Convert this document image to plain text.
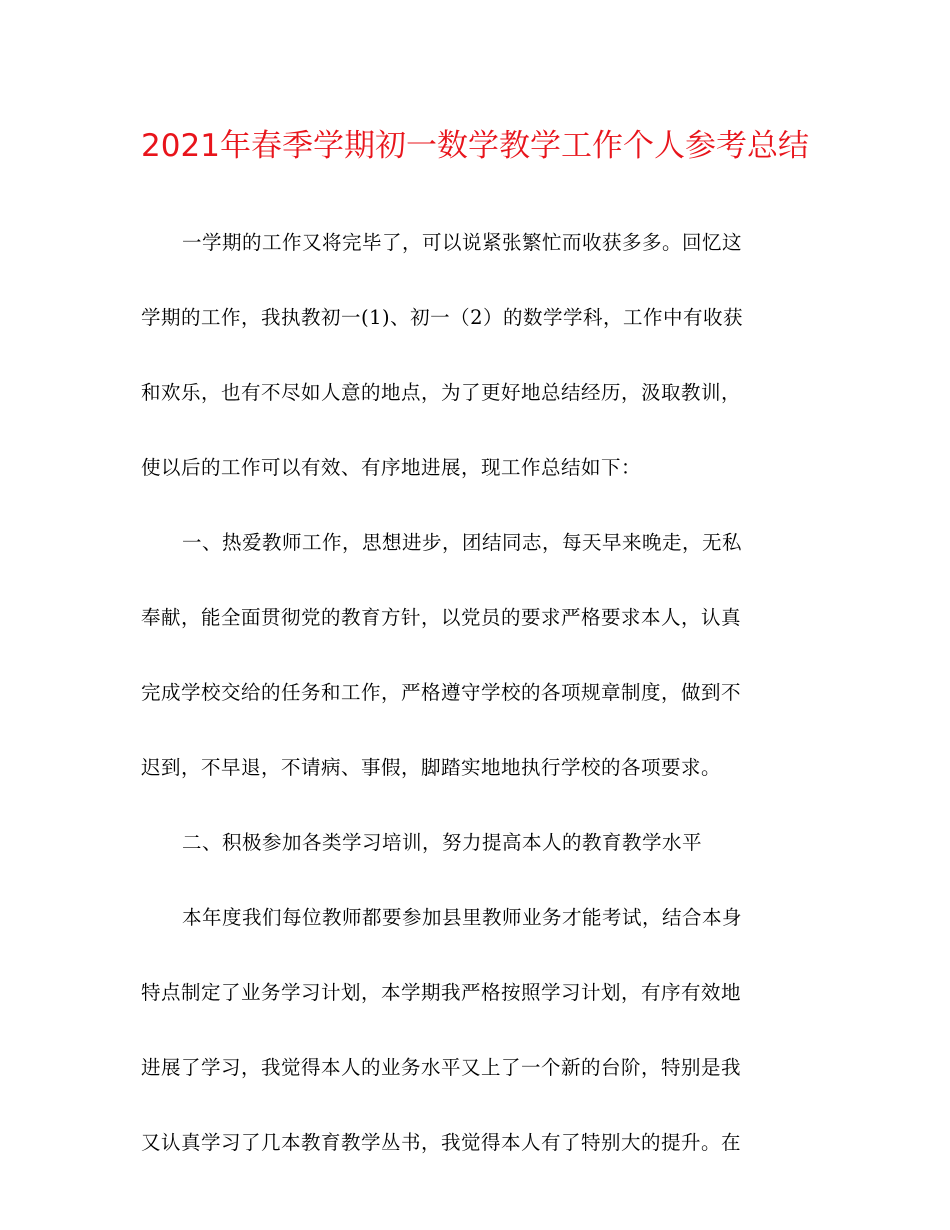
2021年春季学期初一数学教学工作个人参考总结
一学期的工作又将完毕了，可以说紧张繁忙而收获多多。回忆这
学期的工作，我执教初一(1)、初一（2）的数学学科，工作中有收获
和欢乐，也有不尽如人意的地点，为了更好地总结经历，汲取教训，
使以后的工作可以有效、有序地进展，现工作总结如下：
一、热爱教师工作，思想进步，团结同志，每天早来晚走，无私
奉献，能全面贯彻党的教育方针，以党员的要求严格要求本人，认真
完成学校交给的任务和工作，严格遵守学校的各项规章制度，做到不
迟到，不早退，不请病、事假，脚踏实地地执行学校的各项要求。
二、积极参加各类学习培训，努力提高本人的教育教学水平
本年度我们每位教师都要参加县里教师业务才能考试，结合本身
特点制定了业务学习计划，本学期我严格按照学习计划，有序有效地
进展了学习，我觉得本人的业务水平又上了一个新的台阶，特别是我
又认真学习了几本教育教学丛书，我觉得本人有了特别大的提升。在
